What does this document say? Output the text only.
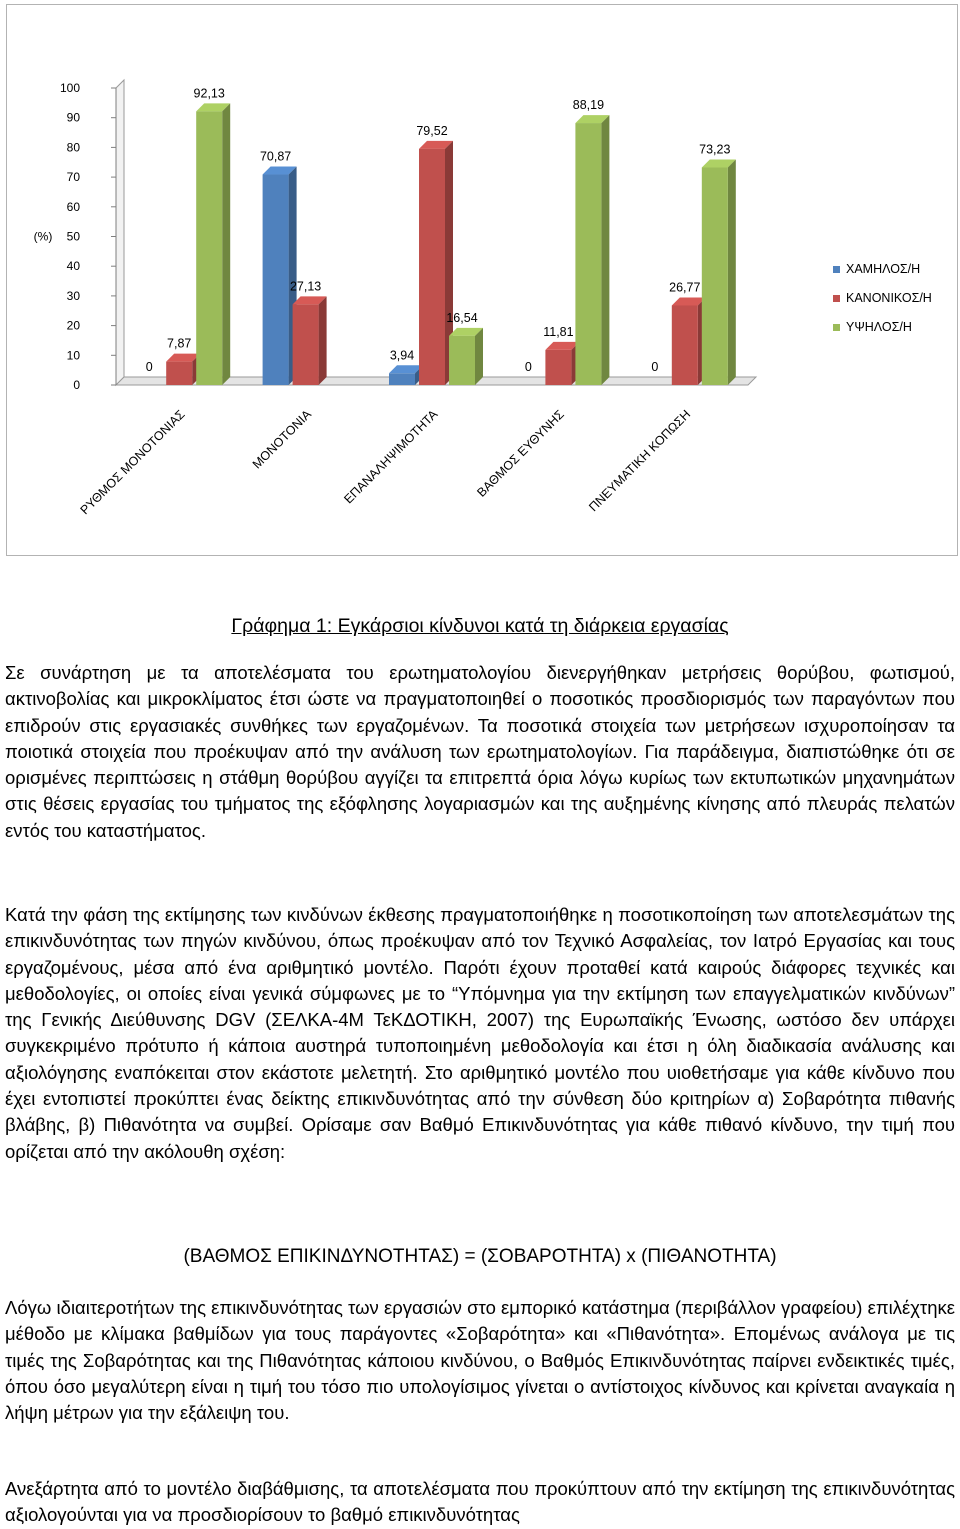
0
10
20
30
40
50
60
70
80
90
100
(%)
0
7,87
92,13
ΡΥΘΜΟΣ ΜΟΝΟΤΟΝΙΑΣ
70,87
27,13
ΜΟΝΟΤΟΝΙΑ
3,94
79,52
16,54
ΕΠΑΝΑΛΗΨΙΜΟΤΗΤΑ
0
11,81
88,19
ΒΑΘΜΟΣ ΕΥΘΥΝΗΣ
0
26,77
73,23
ΠΝΕΥΜΑΤΙΚΗ ΚΟΠΩΣΗ
ΧΑΜΗΛΟΣ/Η
ΚΑΝΟΝΙΚΟΣ/Η
ΥΨΗΛΟΣ/Η
Γράφημα 1: Εγκάρσιοι κίνδυνοι κατά τη διάρκεια εργασίας

Σε συνάρτηση με τα αποτελέσματα του ερωτηματολογίου διενεργήθηκαν μετρήσεις θορύβου, φωτισμού, ακτινοβολίας και μικροκλίματος έτσι ώστε να πραγματοποιηθεί ο ποσοτικός προσδιορισμός των παραγόντων που επιδρούν στις εργασιακές συνθήκες των εργαζομένων. Τα ποσοτικά στοιχεία των μετρήσεων ισχυροποίησαν τα ποιοτικά στοιχεία που προέκυψαν από την ανάλυση των ερωτηματολογίων. Για παράδειγμα, διαπιστώθηκε ότι σε ορισμένες περιπτώσεις η στάθμη θορύβου αγγίζει τα επιτρεπτά όρια λόγω κυρίως των εκτυπωτικών μηχανημάτων στις θέσεις εργασίας του τμήματος της εξόφλησης λογαριασμών και της αυξημένης κίνησης από πλευράς πελατών εντός του καταστήματος.

Κατά την φάση της εκτίμησης των κινδύνων έκθεσης πραγματοποιήθηκε η ποσοτικοποίηση των αποτελεσμάτων της επικινδυνότητας των πηγών κινδύνου, όπως προέκυψαν από τον Τεχνικό Ασφαλείας, τον Ιατρό Εργασίας και τους εργαζομένους, μέσα από ένα αριθμητικό μοντέλο. Παρότι έχουν προταθεί κατά καιρούς διάφορες τεχνικές και μεθοδολογίες, οι οποίες είναι γενικά σύμφωνες με το “Υπόμνημα για την εκτίμηση των επαγγελματικών κινδύνων” της Γενικής Διεύθυνσης DGV (ΣΕΛΚΑ-4Μ ΤεΚΔΟΤΙΚΗ, 2007) της Ευρωπαϊκής Ένωσης, ωστόσο δεν υπάρχει συγκεκριμένο πρότυπο ή κάποια αυστηρά τυποποιημένη μεθοδολογία και έτσι η όλη διαδικασία ανάλυσης και αξιολόγησης εναπόκειται στον εκάστοτε μελετητή. Στο αριθμητικό μοντέλο που υιοθετήσαμε για κάθε κίνδυνο που έχει εντοπιστεί προκύπτει ένας δείκτης επικινδυνότητας από την σύνθεση δύο κριτηρίων α) Σοβαρότητα πιθανής βλάβης, β) Πιθανότητα να συμβεί. Ορίσαμε σαν Βαθμό Επικινδυνότητας για κάθε πιθανό κίνδυνο, την τιμή που ορίζεται από την ακόλουθη σχέση:

(ΒΑΘΜΟΣ ΕΠΙΚΙΝΔΥΝΟΤΗΤΑΣ) = (ΣΟΒΑΡΟΤΗΤΑ) x (ΠΙΘΑΝΟΤΗΤΑ)

Λόγω ιδιαιτεροτήτων της επικινδυνότητας των εργασιών στο εμπορικό κατάστημα (περιβάλλον γραφείου) επιλέχτηκε μέθοδο με κλίμακα βαθμίδων για τους παράγοντες «Σοβαρότητα» και «Πιθανότητα». Επομένως ανάλογα με τις τιμές της Σοβαρότητας και της Πιθανότητας κάποιου κινδύνου, ο Βαθμός Επικινδυνότητας παίρνει ενδεικτικές τιμές, όπου όσο μεγαλύτερη είναι η τιμή του τόσο πιο υπολογίσιμος γίνεται ο αντίστοιχος κίνδυνος και κρίνεται αναγκαία η λήψη μέτρων για την εξάλειψη του.

Ανεξάρτητα από το μοντέλο διαβάθμισης, τα αποτελέσματα που προκύπτουν από την εκτίμηση της επικινδυνότητας αξιολογούνται για να προσδιορίσουν το βαθμό επικινδυνότητας
